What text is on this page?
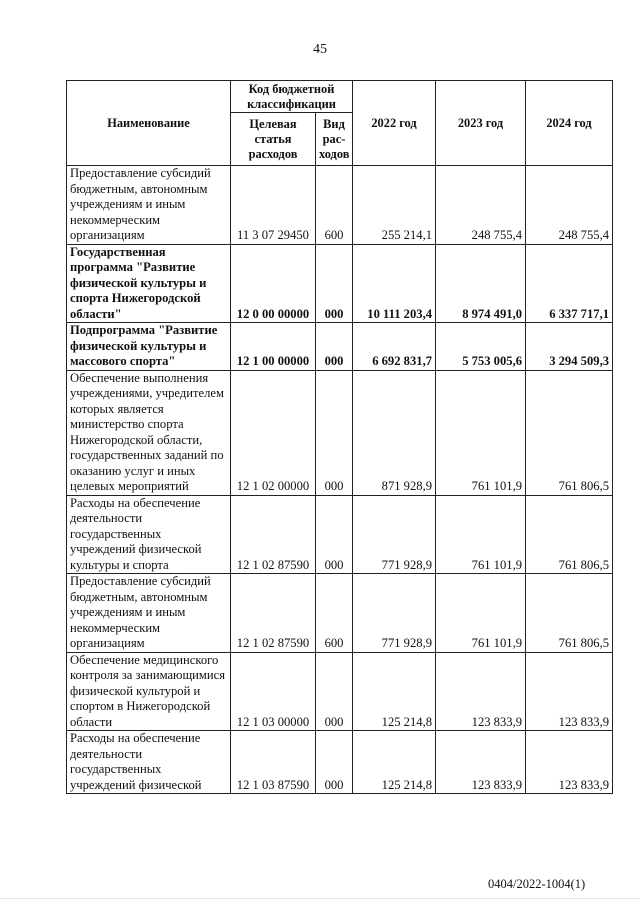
45
Наименование	Код бюджетной классификации		2022 год	2023 год	2024 год
	Целевая статья расходов	Вид рас-ходов			
Предоставление субсидий бюджетным, автономным учреждениям и иным некоммерческим организациям	11 3 07 29450	600	255 214,1	248 755,4	248 755,4
Государственная программа "Развитие физической культуры и спорта Нижегородской области"	12 0 00 00000	000	10 111 203,4	8 974 491,0	6 337 717,1
Подпрограмма "Развитие физической культуры и массового спорта"	12 1 00 00000	000	6 692 831,7	5 753 005,6	3 294 509,3
Обеспечение выполнения учреждениями, учредителем которых является министерство спорта Нижегородской области, государственных заданий по оказанию услуг и иных целевых мероприятий	12 1 02 00000	000	871 928,9	761 101,9	761 806,5
Расходы на обеспечение деятельности государственных учреждений физической культуры и спорта	12 1 02 87590	000	771 928,9	761 101,9	761 806,5
Предоставление субсидий бюджетным, автономным учреждениям и иным некоммерческим организациям	12 1 02 87590	600	771 928,9	761 101,9	761 806,5
Обеспечение медицинского контроля за занимающимися физической культурой и спортом в Нижегородской области	12 1 03 00000	000	125 214,8	123 833,9	123 833,9
Расходы на обеспечение деятельности государственных учреждений физической	12 1 03 87590	000	125 214,8	123 833,9	123 833,9
0404/2022-1004(1)
